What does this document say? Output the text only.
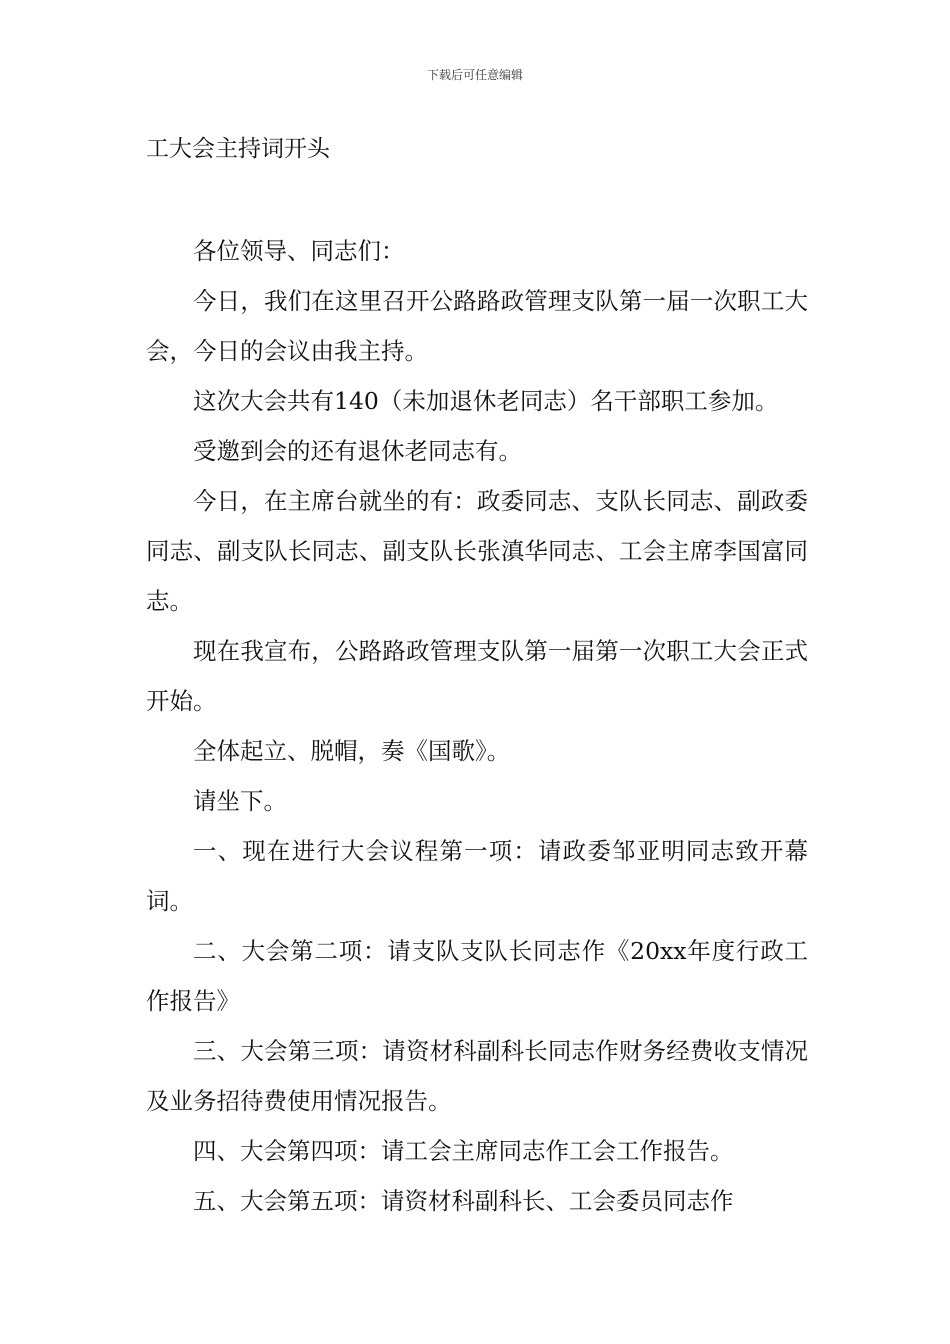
下载后可任意编辑
工大会主持词开头

各位领导、同志们：

今日，我们在这里召开公路路政管理支队第一届一次职工大会，今日的会议由我主持。

这次大会共有140（未加退休老同志）名干部职工参加。

受邀到会的还有退休老同志有。

今日，在主席台就坐的有：政委同志、支队长同志、副政委同志、副支队长同志、副支队长张滇华同志、工会主席李国富同志。

现在我宣布，公路路政管理支队第一届第一次职工大会正式开始。

全体起立、脱帽，奏《国歌》。

请坐下。

一、现在进行大会议程第一项：请政委邹亚明同志致开幕词。

二、大会第二项：请支队支队长同志作《20xx年度行政工作报告》

三、大会第三项：请资材科副科长同志作财务经费收支情况及业务招待费使用情况报告。

四、大会第四项：请工会主席同志作工会工作报告。

五、大会第五项：请资材科副科长、工会委员同志作
